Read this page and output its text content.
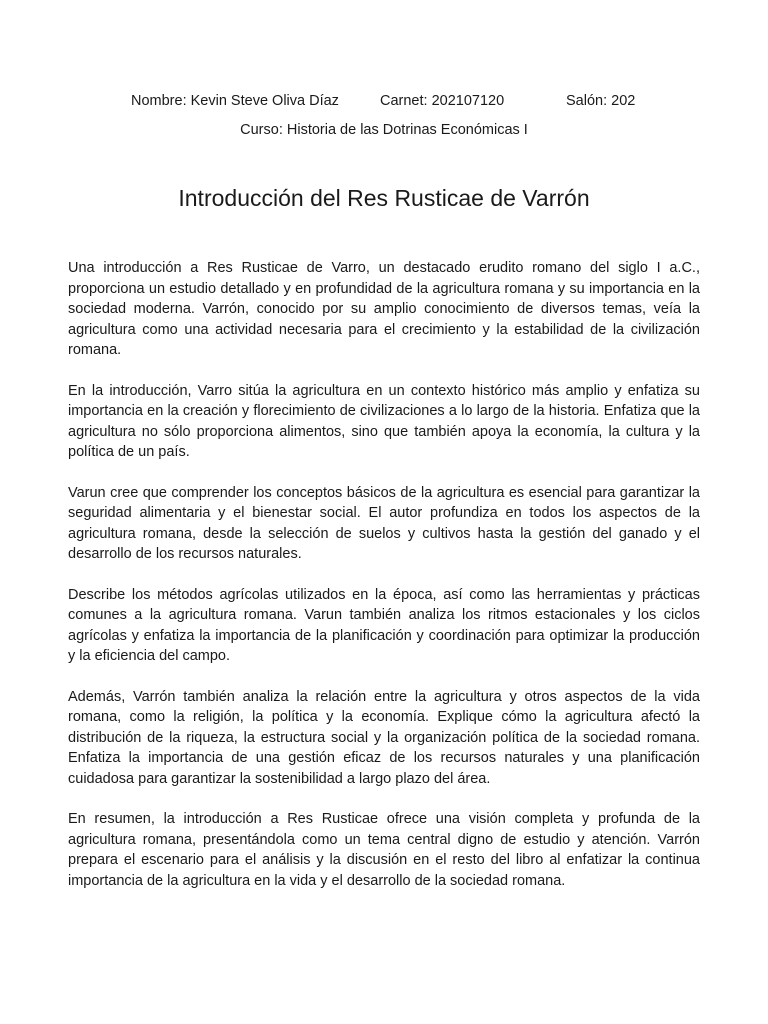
Nombre: Kevin Steve Oliva Díaz	Carnet: 202107120	Salón: 202
Curso: Historia de las Dotrinas Económicas I
Introducción del Res Rusticae de Varrón

Una introducción a Res Rusticae de Varro, un destacado erudito romano del siglo I a.C., proporciona un estudio detallado y en profundidad de la agricultura romana y su importancia en la sociedad moderna. Varrón, conocido por su amplio conocimiento de diversos temas, veía la agricultura como una actividad necesaria para el crecimiento y la estabilidad de la civilización romana.

En la introducción, Varro sitúa la agricultura en un contexto histórico más amplio y enfatiza su importancia en la creación y florecimiento de civilizaciones a lo largo de la historia. Enfatiza que la agricultura no sólo proporciona alimentos, sino que también apoya la economía, la cultura y la política de un país.

Varun cree que comprender los conceptos básicos de la agricultura es esencial para garantizar la seguridad alimentaria y el bienestar social. El autor profundiza en todos los aspectos de la agricultura romana, desde la selección de suelos y cultivos hasta la gestión del ganado y el desarrollo de los recursos naturales.

Describe los métodos agrícolas utilizados en la época, así como las herramientas y prácticas comunes a la agricultura romana. Varun también analiza los ritmos estacionales y los ciclos agrícolas y enfatiza la importancia de la planificación y coordinación para optimizar la producción y la eficiencia del campo.

Además, Varrón también analiza la relación entre la agricultura y otros aspectos de la vida romana, como la religión, la política y la economía. Explique cómo la agricultura afectó la distribución de la riqueza, la estructura social y la organización política de la sociedad romana. Enfatiza la importancia de una gestión eficaz de los recursos naturales y una planificación cuidadosa para garantizar la sostenibilidad a largo plazo del área.

En resumen, la introducción a Res Rusticae ofrece una visión completa y profunda de la agricultura romana, presentándola como un tema central digno de estudio y atención. Varrón prepara el escenario para el análisis y la discusión en el resto del libro al enfatizar la continua importancia de la agricultura en la vida y el desarrollo de la sociedad romana.
